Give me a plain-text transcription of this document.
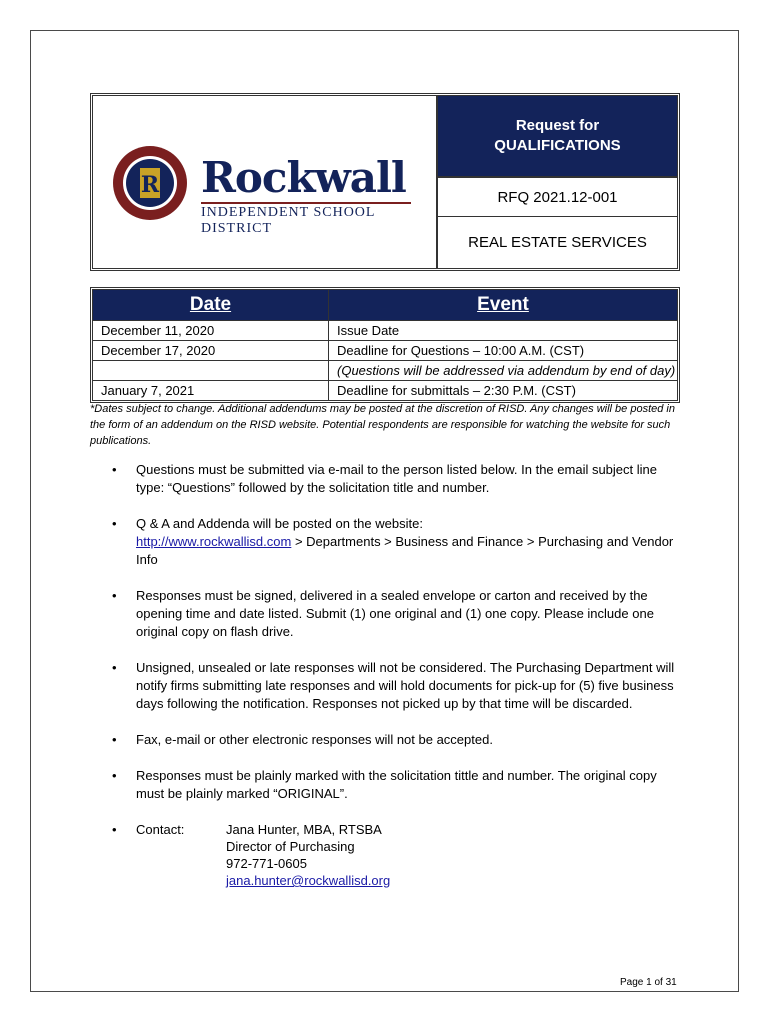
R Rockwall
INDEPENDENT SCHOOL DISTRICT
Request for
QUALIFICATIONS
RFQ 2021.12-001
REAL ESTATE SERVICES
Date	Event
December 11, 2020	Issue Date
December 17, 2020	Deadline for Questions – 10:00 A.M. (CST)
(Questions will be addressed via addendum by end of day)
January 7, 2021	Deadline for submittals – 2:30 P.M. (CST)
*Dates subject to change. Additional addendums may be posted at the discretion of RISD. Any changes will be posted in the form of an addendum on the RISD website. Potential respondents are responsible for watching the website for such publications.
• Questions must be submitted via e-mail to the person listed below. In the email subject line type: “Questions” followed by the solicitation title and number.
• Q & A and Addenda will be posted on the website:
http://www.rockwallisd.com > Departments > Business and Finance > Purchasing and Vendor Info
• Responses must be signed, delivered in a sealed envelope or carton and received by the opening time and date listed. Submit (1) one original and (1) one copy. Please include one original copy on flash drive.
• Unsigned, unsealed or late responses will not be considered. The Purchasing Department will notify firms submitting late responses and will hold documents for pick-up for (5) five business days following the notification. Responses not picked up by that time will be discarded.
• Fax, e-mail or other electronic responses will not be accepted.
• Responses must be plainly marked with the solicitation tittle and number. The original copy must be plainly marked “ORIGINAL”.
• Contact:	Jana Hunter, MBA, RTSBA
Director of Purchasing
972-771-0605
jana.hunter@rockwallisd.org
Page 1 of 31
